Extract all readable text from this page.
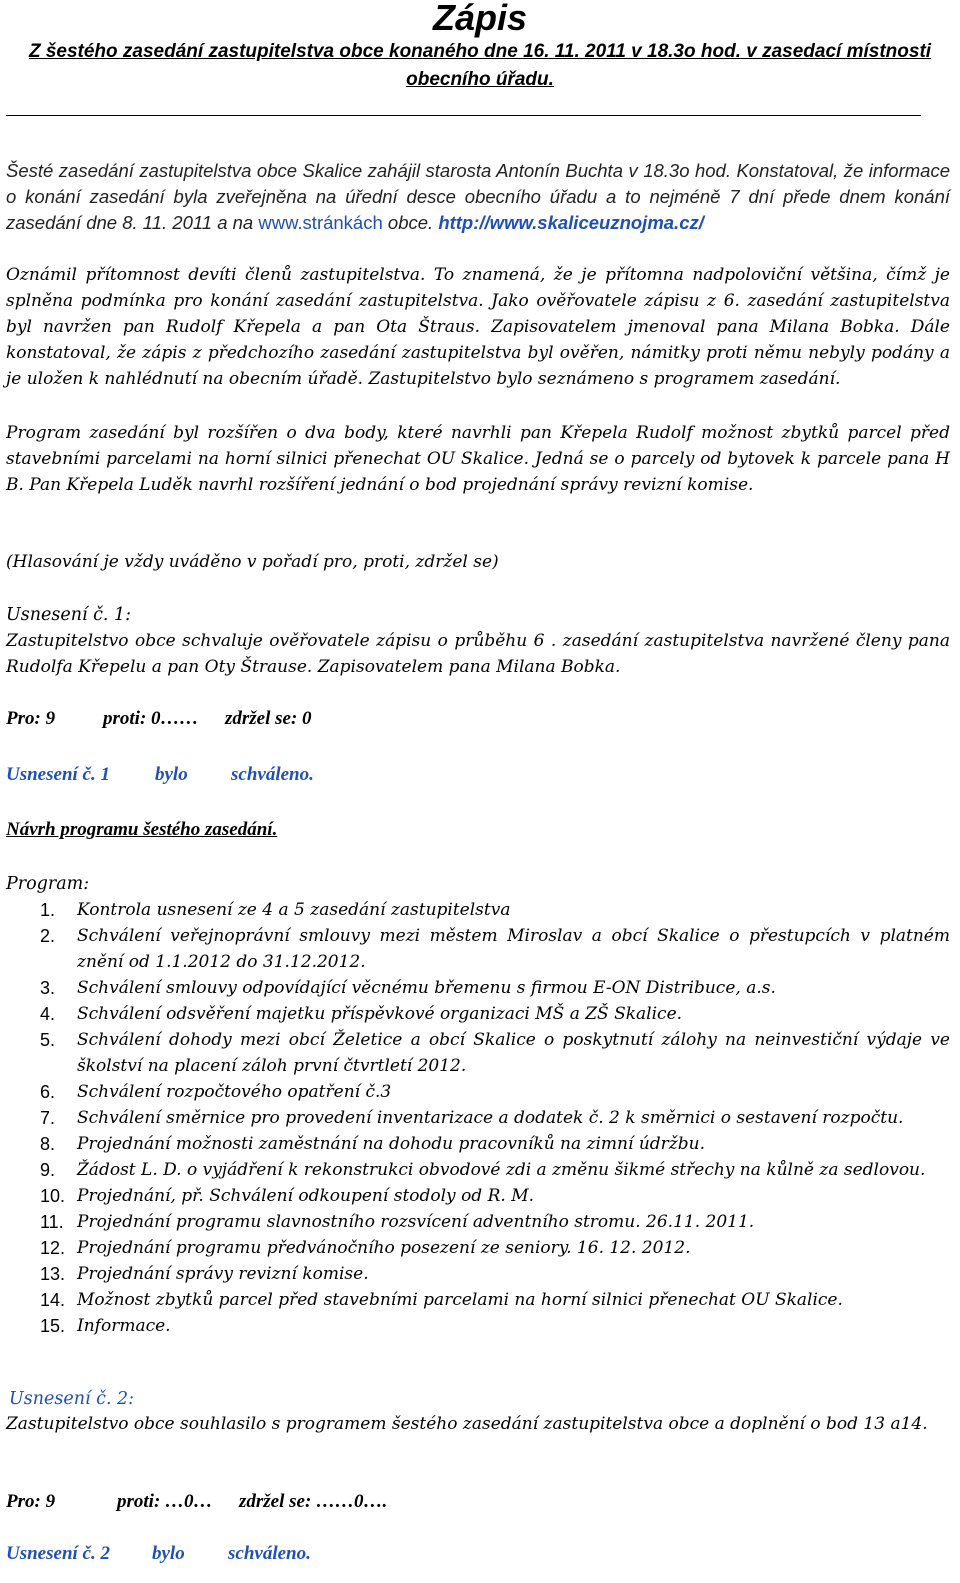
Zápis
Z šestého zasedání zastupitelstva obce konaného dne 16. 11. 2011 v 18.3o hod. v zasedací místnosti obecního úřadu.
Šesté zasedání zastupitelstva obce Skalice zahájil starosta Antonín Buchta v 18.3o hod. Konstatoval, že informace o konání zasedání byla zveřejněna na úřední desce obecního úřadu a to nejméně 7 dní přede dnem konání zasedání dne 8. 11. 2011 a na www.stránkách obce. http://www.skaliceuznojma.cz/
Oznámil přítomnost devíti členů zastupitelstva. To znamená, že je přítomna nadpoloviční většina, čímž je splněna podmínka pro konání zasedání zastupitelstva. Jako ověřovatele zápisu z 6. zasedání zastupitelstva byl navržen pan Rudolf Křepela a pan Ota Štraus. Zapisovatelem jmenoval pana Milana Bobka. Dále konstatoval, že zápis z předchozího zasedání zastupitelstva byl ověřen, námitky proti němu nebyly podány a je uložen k nahlédnutí na obecním úřadě. Zastupitelstvo bylo seznámeno s programem zasedání.
Program zasedání byl rozšířen o dva body, které navrhli pan Křepela Rudolf možnost zbytků parcel před stavebními parcelami na horní silnici přenechat OU Skalice. Jedná se o parcely od bytovek k parcele pana H B. Pan Křepela Luděk navrhl rozšíření jednání o bod projednání správy revizní komise.
(Hlasování je vždy uváděno v pořadí pro, proti, zdržel se)
Usnesení č. 1:
Zastupitelstvo obce schvaluje ověřovatele zápisu o průběhu 6 . zasedání zastupitelstva navržené členy pana Rudolfa Křepelu a pan Oty Štrause. Zapisovatelem pana Milana Bobka.
Pro: 9	proti: 0…… zdržel se: 0
Usnesení č. 1 bylo schváleno.
Návrh programu šestého zasedání.
Program:
1. Kontrola usnesení ze 4 a 5 zasedání zastupitelstva
2. Schválení veřejnoprávní smlouvy mezi městem Miroslav a obcí Skalice o přestupcích v platném znění od 1.1.2012 do 31.12.2012.
3. Schválení smlouvy odpovídající věcnému břemenu s firmou E-ON Distribuce, a.s.
4. Schválení odsvěření majetku příspěvkové organizaci MŠ a ZŠ Skalice.
5. Schválení dohody mezi obcí Želetice a obcí Skalice o poskytnutí zálohy na neinvestiční výdaje ve školství na placení záloh první čtvrtletí 2012.
6. Schválení rozpočtového opatření č.3
7. Schválení směrnice pro provedení inventarizace a dodatek č. 2 k směrnici o sestavení rozpočtu.
8. Projednání možnosti zaměstnání na dohodu pracovníků na zimní údržbu.
9. Žádost L. D. o vyjádření k rekonstrukci obvodové zdi a změnu šikmé střechy na kůlně za sedlovou.
10. Projednání, př. Schválení odkoupení stodoly od R. M.
11. Projednání programu slavnostního rozsvícení adventního stromu. 26.11. 2011.
12. Projednání programu předvánočního posezení ze seniory. 16. 12. 2012.
13. Projednání správy revizní komise.
14. Možnost zbytků parcel před stavebními parcelami na horní silnici přenechat OU Skalice.
15. Informace.
Usnesení č. 2:
Zastupitelstvo obce souhlasilo s programem šestého zasedání zastupitelstva obce a doplnění o bod 13 a14.
Pro: 9	proti: …0… zdržel se: ……0….
Usnesení č. 2 bylo schváleno.
